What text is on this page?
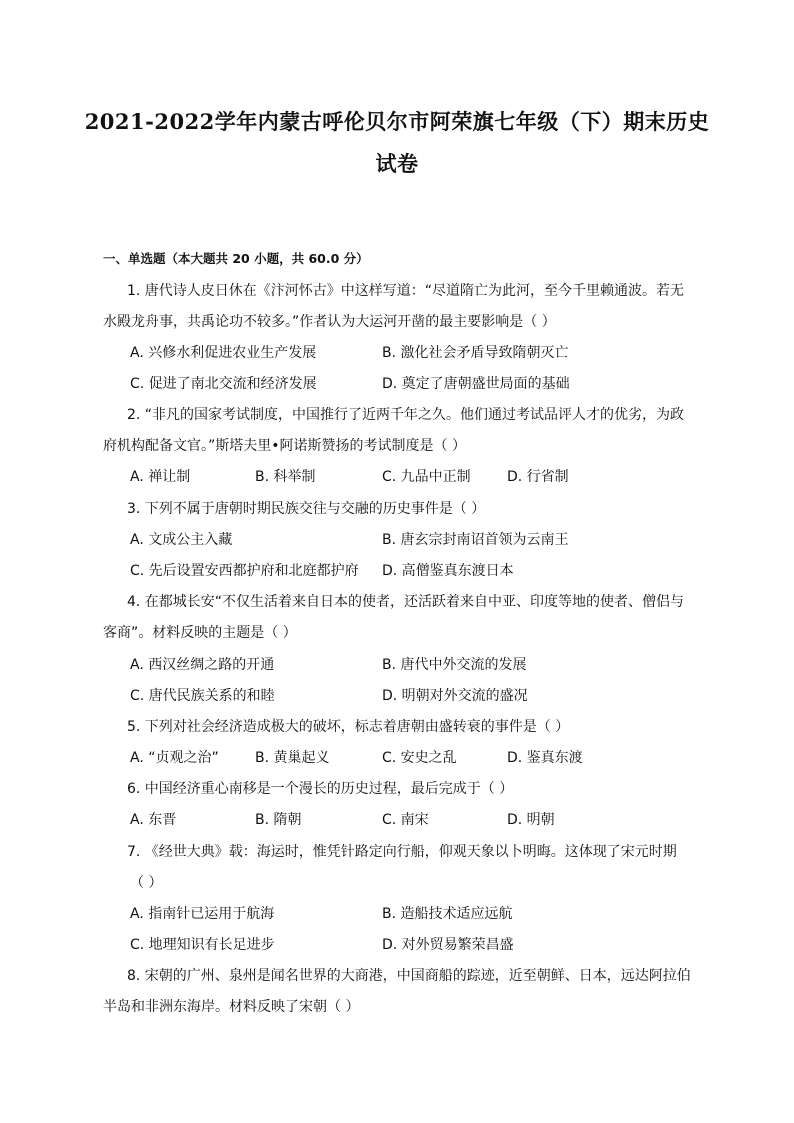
2021-2022学年内蒙古呼伦贝尔市阿荣旗七年级（下）期末历史
试卷
一、单选题（本大题共 20 小题，共 60.0 分）
1. 唐代诗人皮日休在《汴河怀古》中这样写道：“尽道隋亡为此河，至今千里赖通波。若无
水殿龙舟事，共禹论功不较多。”作者认为大运河开凿的最主要影响是（ ）
A. 兴修水利促进农业生产发展	B. 激化社会矛盾导致隋朝灭亡
C. 促进了南北交流和经济发展	D. 奠定了唐朝盛世局面的基础
2. “非凡的国家考试制度，中国推行了近两千年之久。他们通过考试品评人才的优劣，为政
府机构配备文官。”斯塔夫里•阿诺斯赞扬的考试制度是（ ）
A. 禅让制	B. 科举制	C. 九品中正制	D. 行省制
3. 下列不属于唐朝时期民族交往与交融的历史事件是（ ）
A. 文成公主入藏	B. 唐玄宗封南诏首领为云南王
C. 先后设置安西都护府和北庭都护府 D. 高僧鉴真东渡日本
4. 在都城长安“不仅生活着来自日本的使者，还活跃着来自中亚、印度等地的使者、僧侣与
客商”。材料反映的主题是（ ）
A. 西汉丝绸之路的开通	B. 唐代中外交流的发展
C. 唐代民族关系的和睦	D. 明朝对外交流的盛况
5. 下列对社会经济造成极大的破坏，标志着唐朝由盛转衰的事件是（ ）
A. “贞观之治”	B. 黄巢起义	C. 安史之乱	D. 鉴真东渡
6. 中国经济重心南移是一个漫长的历史过程，最后完成于（ ）
A. 东晋	B. 隋朝	C. 南宋	D. 明朝
7. 《经世大典》载：海运时，惟凭针路定向行船，仰观天象以卜明晦。这体现了宋元时期
（ ）
A. 指南针已运用于航海	B. 造船技术适应远航
C. 地理知识有长足进步	D. 对外贸易繁荣昌盛
8. 宋朝的广州、泉州是闻名世界的大商港，中国商船的踪迹，近至朝鲜、日本，远达阿拉伯
半岛和非洲东海岸。材料反映了宋朝（ ）
